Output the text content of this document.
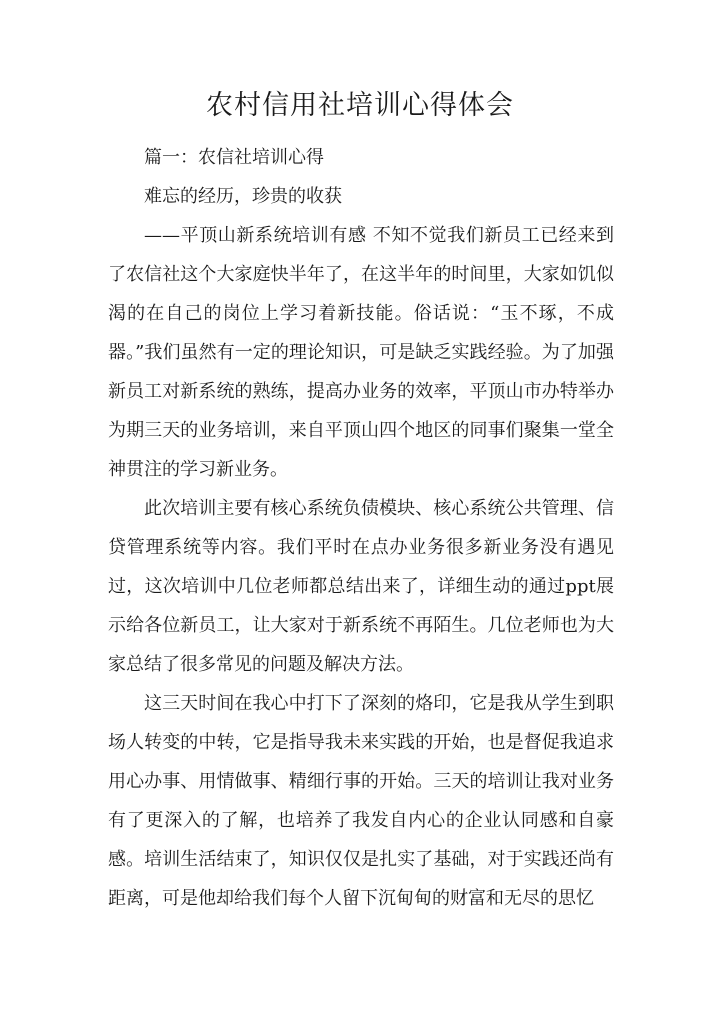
农村信用社培训心得体会

篇一：农信社培训心得

难忘的经历，珍贵的收获

——平顶山新系统培训有感 不知不觉我们新员工已经来到了农信社这个大家庭快半年了，在这半年的时间里，大家如饥似渴的在自己的岗位上学习着新技能。俗话说：“玉不琢，不成器。”我们虽然有一定的理论知识，可是缺乏实践经验。为了加强新员工对新系统的熟练，提高办业务的效率，平顶山市办特举办为期三天的业务培训，来自平顶山四个地区的同事们聚集一堂全神贯注的学习新业务。

此次培训主要有核心系统负债模块、核心系统公共管理、信贷管理系统等内容。我们平时在点办业务很多新业务没有遇见过，这次培训中几位老师都总结出来了，详细生动的通过ppt展示给各位新员工，让大家对于新系统不再陌生。几位老师也为大家总结了很多常见的问题及解决方法。

这三天时间在我心中打下了深刻的烙印，它是我从学生到职场人转变的中转，它是指导我未来实践的开始，也是督促我追求用心办事、用情做事、精细行事的开始。三天的培训让我对业务有了更深入的了解，也培养了我发自内心的企业认同感和自豪感。培训生活结束了，知识仅仅是扎实了基础，对于实践还尚有距离，可是他却给我们每个人留下沉甸甸的财富和无尽的思忆
